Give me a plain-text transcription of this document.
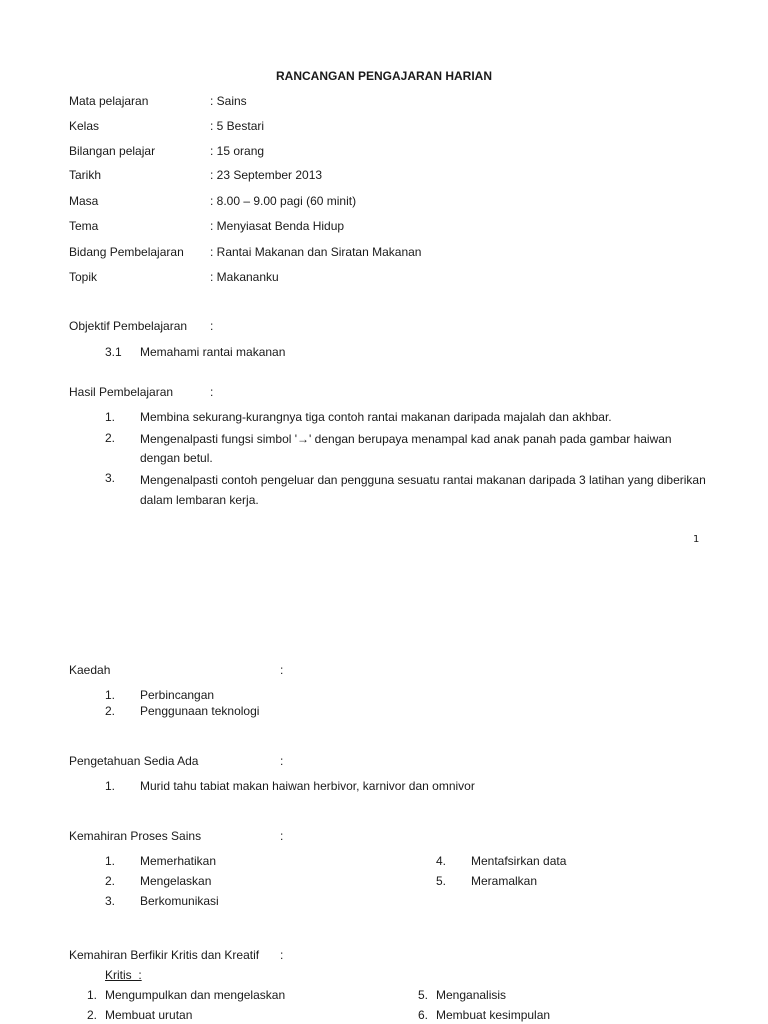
RANCANGAN PENGAJARAN HARIAN
Mata pelajaran	: Sains
Kelas	: 5 Bestari
Bilangan pelajar	: 15 orang
Tarikh	: 23 September 2013
Masa	: 8.00 – 9.00 pagi (60 minit)
Tema	: Menyiasat Benda Hidup
Bidang Pembelajaran : Rantai Makanan dan Siratan Makanan
Topik	: Makananku
Objektif Pembelajaran :
3.1 Memahami rantai makanan
Hasil Pembelajaran	:
1. Membina sekurang-kurangnya tiga contoh rantai makanan daripada majalah dan akhbar.
2. Mengenalpasti fungsi simbol '→' dengan berupaya menampal kad anak panah pada gambar haiwan dengan betul.
3. Mengenalpasti contoh pengeluar dan pengguna sesuatu rantai makanan daripada 3 latihan yang diberikan dalam lembaran kerja.
1
Kaedah	:
1. Perbincangan
2. Penggunaan teknologi
Pengetahuan Sedia Ada	:
1. Murid tahu tabiat makan haiwan herbivor, karnivor dan omnivor
Kemahiran Proses Sains	:
1. Memerhatikan
2. Mengelaskan
3. Berkomunikasi
4. Mentafsirkan data
5. Meramalkan
Kemahiran Berfikir Kritis dan Kreatif :
Kritis  :
1. Mengumpulkan dan mengelaskan
2. Membuat urutan
5. Menganalisis
6. Membuat kesimpulan
